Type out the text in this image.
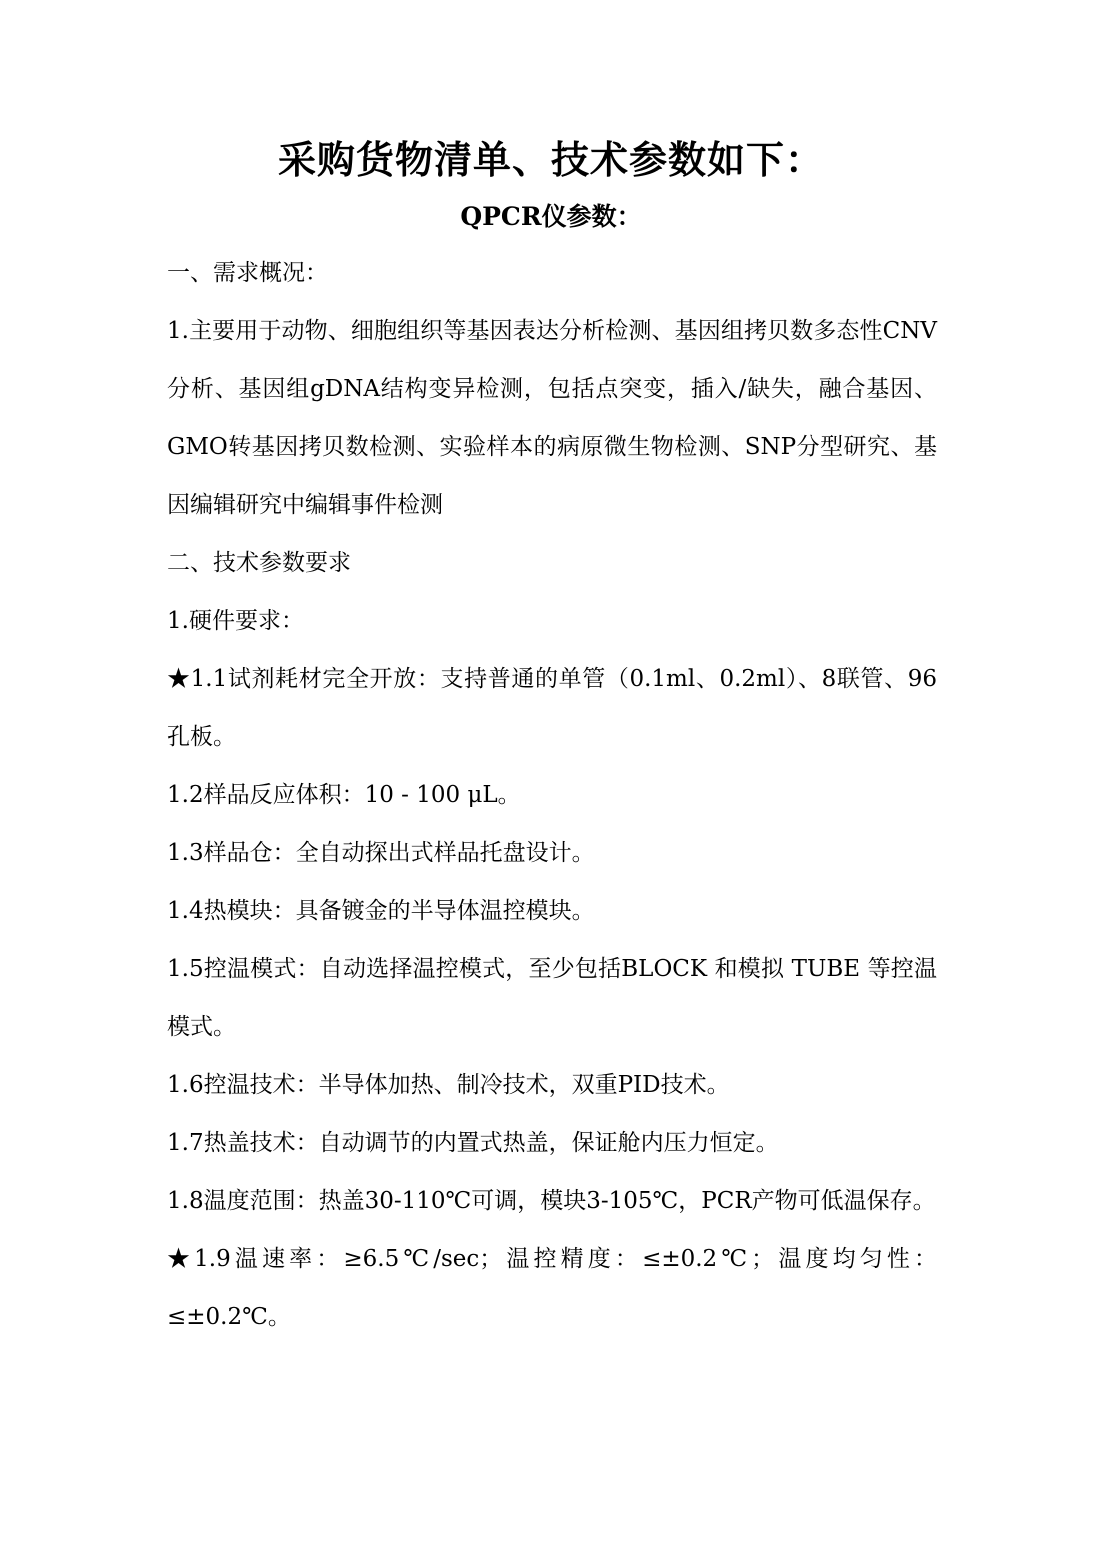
采购货物清单、技术参数如下：
QPCR仪参数：

一、需求概况：

1.主要用于动物、细胞组织等基因表达分析检测、基因组拷贝数多态性CNV分析、基因组gDNA结构变异检测，包括点突变，插入/缺失，融合基因、GMO转基因拷贝数检测、实验样本的病原微生物检测、SNP分型研究、基因编辑研究中编辑事件检测

二、技术参数要求

1.硬件要求：

★1.1试剂耗材完全开放：支持普通的单管（0.1ml、0.2ml）、8联管、96孔板。

1.2样品反应体积：10 - 100 μL。

1.3样品仓：全自动探出式样品托盘设计。

1.4热模块：具备镀金的半导体温控模块。

1.5控温模式：自动选择温控模式，至少包括BLOCK 和模拟 TUBE 等控温模式。

1.6控温技术：半导体加热、制冷技术，双重PID技术。

1.7热盖技术：自动调节的内置式热盖，保证舱内压力恒定。

1.8温度范围：热盖30-110℃可调，模块3-105℃，PCR产物可低温保存。

★1.9温速率：≥6.5℃/sec；温控精度：≤±0.2℃；温度均匀性：≤±0.2℃。
